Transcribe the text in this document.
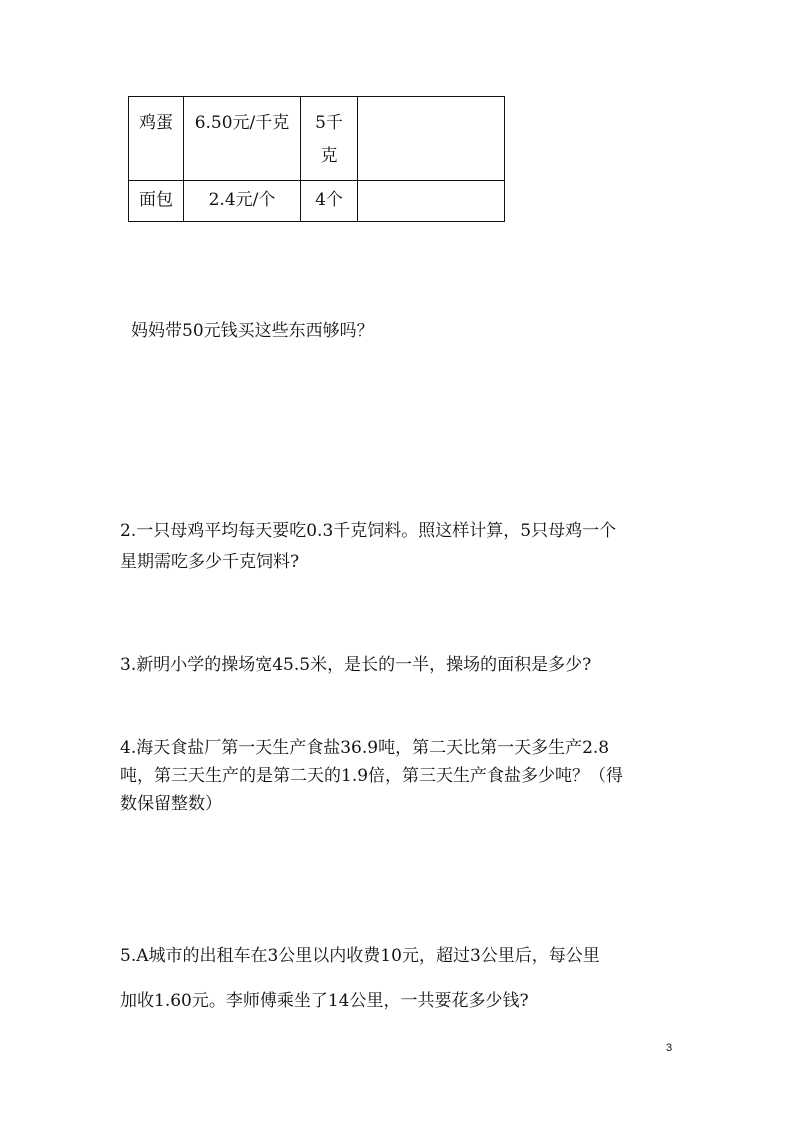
鸡蛋	6.50元/千克	5千克	

面包	2.4元/个	4个	

妈妈带50元钱买这些东西够吗？
2.一只母鸡平均每天要吃0.3千克饲料。照这样计算，5只母鸡一个
星期需吃多少千克饲料?
3.新明小学的操场宽45.5米，是长的一半，操场的面积是多少?
4.海天食盐厂第一天生产食盐36.9吨，第二天比第一天多生产2.8
吨，第三天生产的是第二天的1.9倍，第三天生产食盐多少吨？（得
数保留整数）
5.A城市的出租车在3公里以内收费10元，超过3公里后，每公里
加收1.60元。李师傅乘坐了14公里，一共要花多少钱?
3
